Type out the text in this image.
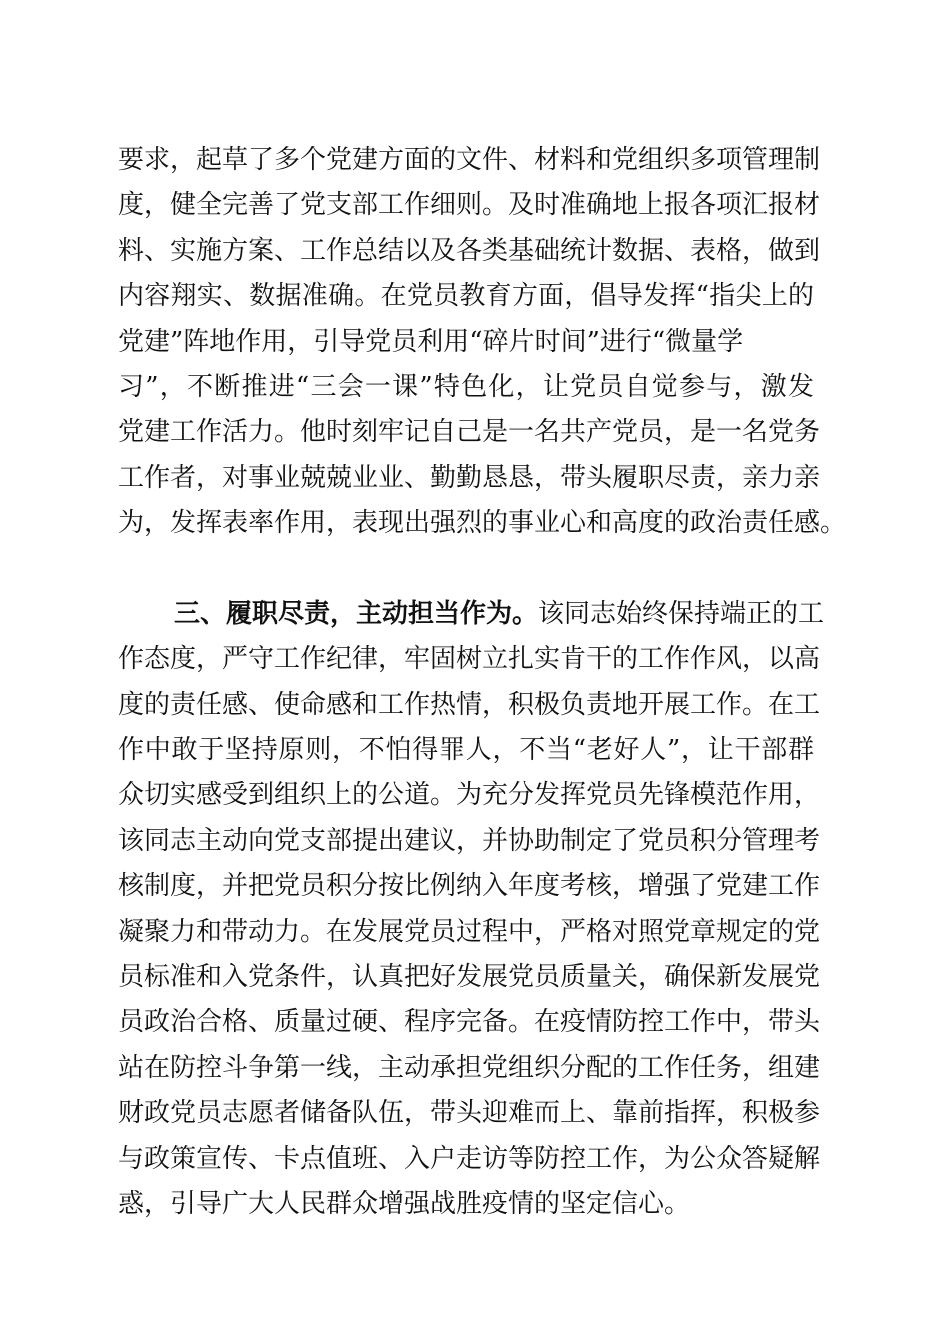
要求，起草了多个党建方面的文件、材料和党组织多项管理制
度，健全完善了党支部工作细则。及时准确地上报各项汇报材
料、实施方案、工作总结以及各类基础统计数据、表格，做到
内容翔实、数据准确。在党员教育方面，倡导发挥“指尖上的
党建”阵地作用，引导党员利用“碎片时间”进行“微量学
习”，不断推进“三会一课”特色化，让党员自觉参与，激发
党建工作活力。他时刻牢记自己是一名共产党员，是一名党务
工作者，对事业兢兢业业、勤勤恳恳，带头履职尽责，亲力亲
为，发挥表率作用，表现出强烈的事业心和高度的政治责任感。
三、履职尽责，主动担当作为。该同志始终保持端正的工
作态度，严守工作纪律，牢固树立扎实肯干的工作作风，以高
度的责任感、使命感和工作热情，积极负责地开展工作。在工
作中敢于坚持原则，不怕得罪人，不当“老好人”，让干部群
众切实感受到组织上的公道。为充分发挥党员先锋模范作用，
该同志主动向党支部提出建议，并协助制定了党员积分管理考
核制度，并把党员积分按比例纳入年度考核，增强了党建工作
凝聚力和带动力。在发展党员过程中，严格对照党章规定的党
员标准和入党条件，认真把好发展党员质量关，确保新发展党
员政治合格、质量过硬、程序完备。在疫情防控工作中，带头
站在防控斗争第一线，主动承担党组织分配的工作任务，组建
财政党员志愿者储备队伍，带头迎难而上、靠前指挥，积极参
与政策宣传、卡点值班、入户走访等防控工作，为公众答疑解
惑，引导广大人民群众增强战胜疫情的坚定信心。
